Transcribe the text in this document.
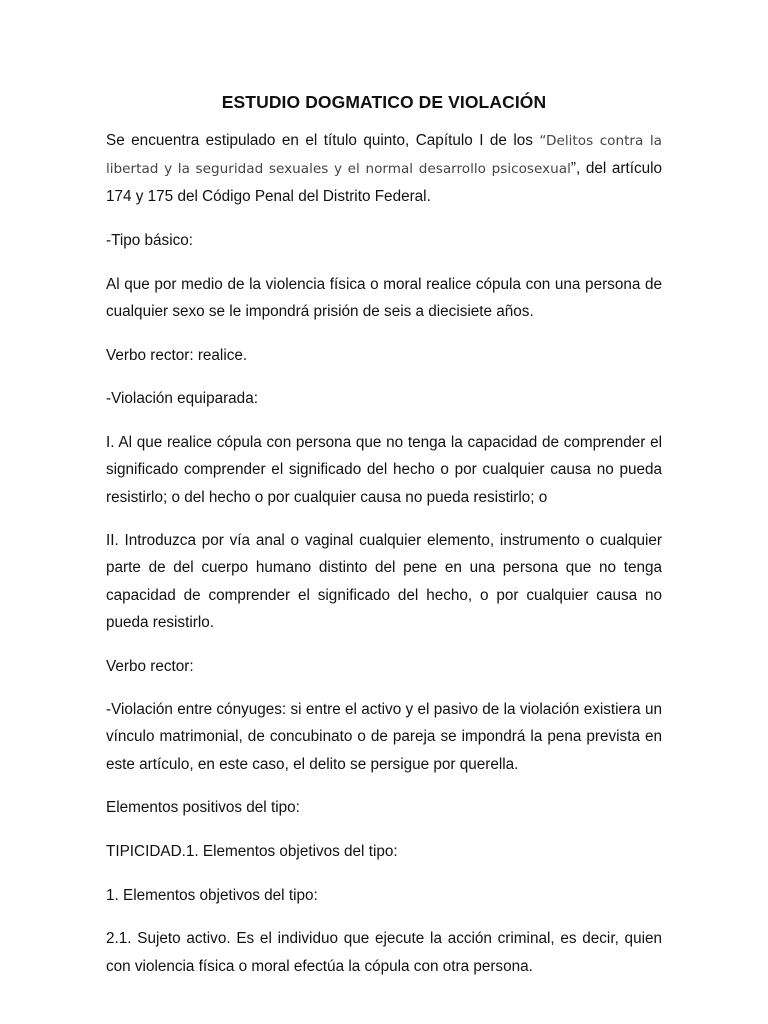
ESTUDIO DOGMATICO DE VIOLACIÓN

Se encuentra estipulado en el título quinto, Capítulo I de los “Delitos contra la libertad y la seguridad sexuales y el normal desarrollo psicosexual”, del artículo 174 y 175 del Código Penal del Distrito Federal.

-Tipo básico:

Al que por medio de la violencia física o moral realice cópula con una persona de cualquier sexo se le impondrá prisión de seis a diecisiete años.

Verbo rector: realice.

-Violación equiparada:

I. Al que realice cópula con persona que no tenga la capacidad de comprender el significado comprender el significado del hecho o por cualquier causa no pueda resistirlo; o del hecho o por cualquier causa no pueda resistirlo; o

II. Introduzca por vía anal o vaginal cualquier elemento, instrumento o cualquier parte de del cuerpo humano distinto del pene en una persona que no tenga capacidad de comprender el significado del hecho, o por cualquier causa no pueda resistirlo.

Verbo rector:

-Violación entre cónyuges: si entre el activo y el pasivo de la violación existiera un vínculo matrimonial, de concubinato o de pareja se impondrá la pena prevista en este artículo, en este caso, el delito se persigue por querella.

Elementos positivos del tipo:

TIPICIDAD.1. Elementos objetivos del tipo:

1. Elementos objetivos del tipo:

2.1. Sujeto activo. Es el individuo que ejecute la acción criminal, es decir, quien con violencia física o moral efectúa la cópula con otra persona.
